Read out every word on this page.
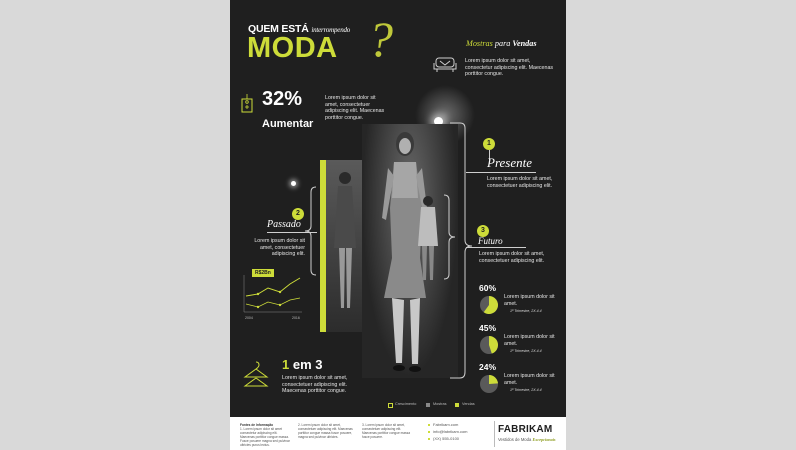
QUEM ESTÁ interrompendo
MODA ?	Mostras para Vendas
Lorem ipsum dolor sit amet, consectetur adipiscing elit. Maecenas porttitor congue.
32%
Aumentar
Lorem ipsum dolor sit amet, consectetuer adipiscing elit. Maecenas porttitor congue.
1
Presente
Lorem ipsum dolor sit amet, consectetuer adipiscing elit.
2
Passado
Lorem ipsum dolor sit amet, consectetuer adipiscing elit.
R$2Bn
2004	2016
3
Futuro
Lorem ipsum dolor sit amet, consectetuer adipiscing elit.
60%
Lorem ipsum dolor sit amet.
1º Trimestre, 2X.4.4
45%
Lorem ipsum dolor sit amet.
1º Trimestre, 2X.4.4
24%
Lorem ipsum dolor sit amet.
1º Trimestre, 2X.4.4
1 em 3
Lorem ipsum dolor sit amet, consectetuer adipiscing elit. Maecenas porttitor congue.
Crescimento	Mostras	Vendas
Fontes de Informação
1. Lorem ipsum dolor sit amet consectetur adipiscing elit. Maecenas porttitor congue massa. Fusce posuere magna sed pulvinar ultricies purus lectus.
2. Lorem ipsum dolor sit amet, consectetuer adipiscing elit. Maecenas porttitor congue massa fusce posuere, magna sed pulvinar ultricies.
3. Lorem ipsum dolor sit amet, consectetuer adipiscing elit. Maecenas porttitor congue massa fusce posuere.
Fabrikam.com
info@fabrikam.com
(XX) 555-0100
FABRIKAM
Vestidos de Moda Excepcionais
